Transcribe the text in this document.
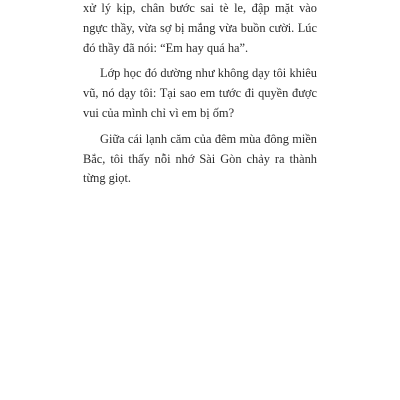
xử lý kịp, chân bước sai tè le, đập mặt vào ngực thầy, vừa sợ bị mắng vừa buồn cười. Lúc đó thầy đã nói: “Em hay quá ha”.

Lớp học đó dường như không dạy tôi khiêu vũ, nó dạy tôi: Tại sao em tước đi quyền được vui của mình chỉ vì em bị ốm?

Giữa cái lạnh căm của đêm mùa đông miền Bắc, tôi thấy nỗi nhớ Sài Gòn chảy ra thành từng giọt.
